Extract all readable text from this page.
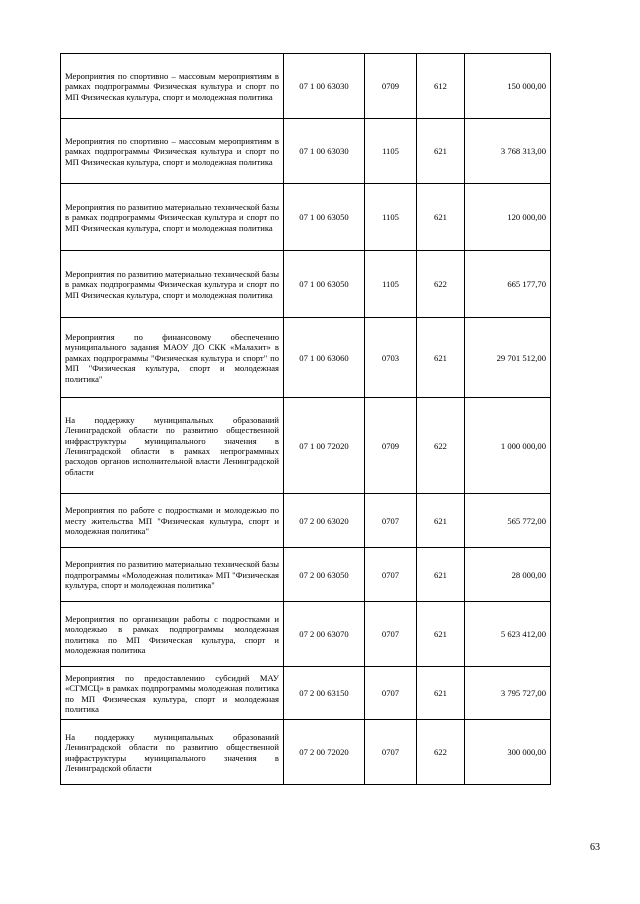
Мероприятия по спортивно – массовым мероприятиям в рамках подпрограммы Физическая культура и спорт по МП Физическая культура, спорт и молодежная политика	07 1 00 63030	0709	612	150 000,00
Мероприятия по спортивно – массовым мероприятиям в рамках подпрограммы Физическая культура и спорт по МП Физическая культура, спорт и молодежная политика	07 1 00 63030	1105	621	3 768 313,00
Мероприятия по развитию материально технической базы в рамках подпрограммы Физическая культура и спорт по МП Физическая культура, спорт и молодежная политика	07 1 00 63050	1105	621	120 000,00
Мероприятия по развитию материально технической базы в рамках подпрограммы Физическая культура и спорт по МП Физическая культура, спорт и молодежная политика	07 1 00 63050	1105	622	665 177,70
Мероприятия по финансовому обеспечению муниципального задания МАОУ ДО СКК «Малахит» в рамках подпрограммы "Физическая культура и спорт" по МП "Физическая культура, спорт и молодежная политика"	07 1 00 63060	0703	621	29 701 512,00
На поддержку муниципальных образований Ленинградской области по развитию общественной инфраструктуры муниципального значения в Ленинградской области в рамках непрограммных расходов органов исполнительной власти Ленинградской области	07 1 00 72020	0709	622	1 000 000,00
Мероприятия по работе с подростками и молодежью по месту жительства МП "Физическая культура, спорт и молодежная политика"	07 2 00 63020	0707	621	565 772,00
Мероприятия по развитию материально технической базы подпрограммы «Молодежная политика» МП "Физическая культура, спорт и молодежная политика"	07 2 00 63050	0707	621	28 000,00
Мероприятия по организации работы с подростками и молодежью в рамках подпрограммы молодежная политика по МП Физическая культура, спорт и молодежная политика	07 2 00 63070	0707	621	5 623 412,00
Мероприятия по предоставлению субсидий МАУ «СГМСЦ» в рамках подпрограммы молодежная политика по МП Физическая культура, спорт и молодежная политика	07 2 00 63150	0707	621	3 795 727,00
На поддержку муниципальных образований Ленинградской области по развитию общественной инфраструктуры муниципального значения в Ленинградской области	07 2 00 72020	0707	622	300 000,00
63
